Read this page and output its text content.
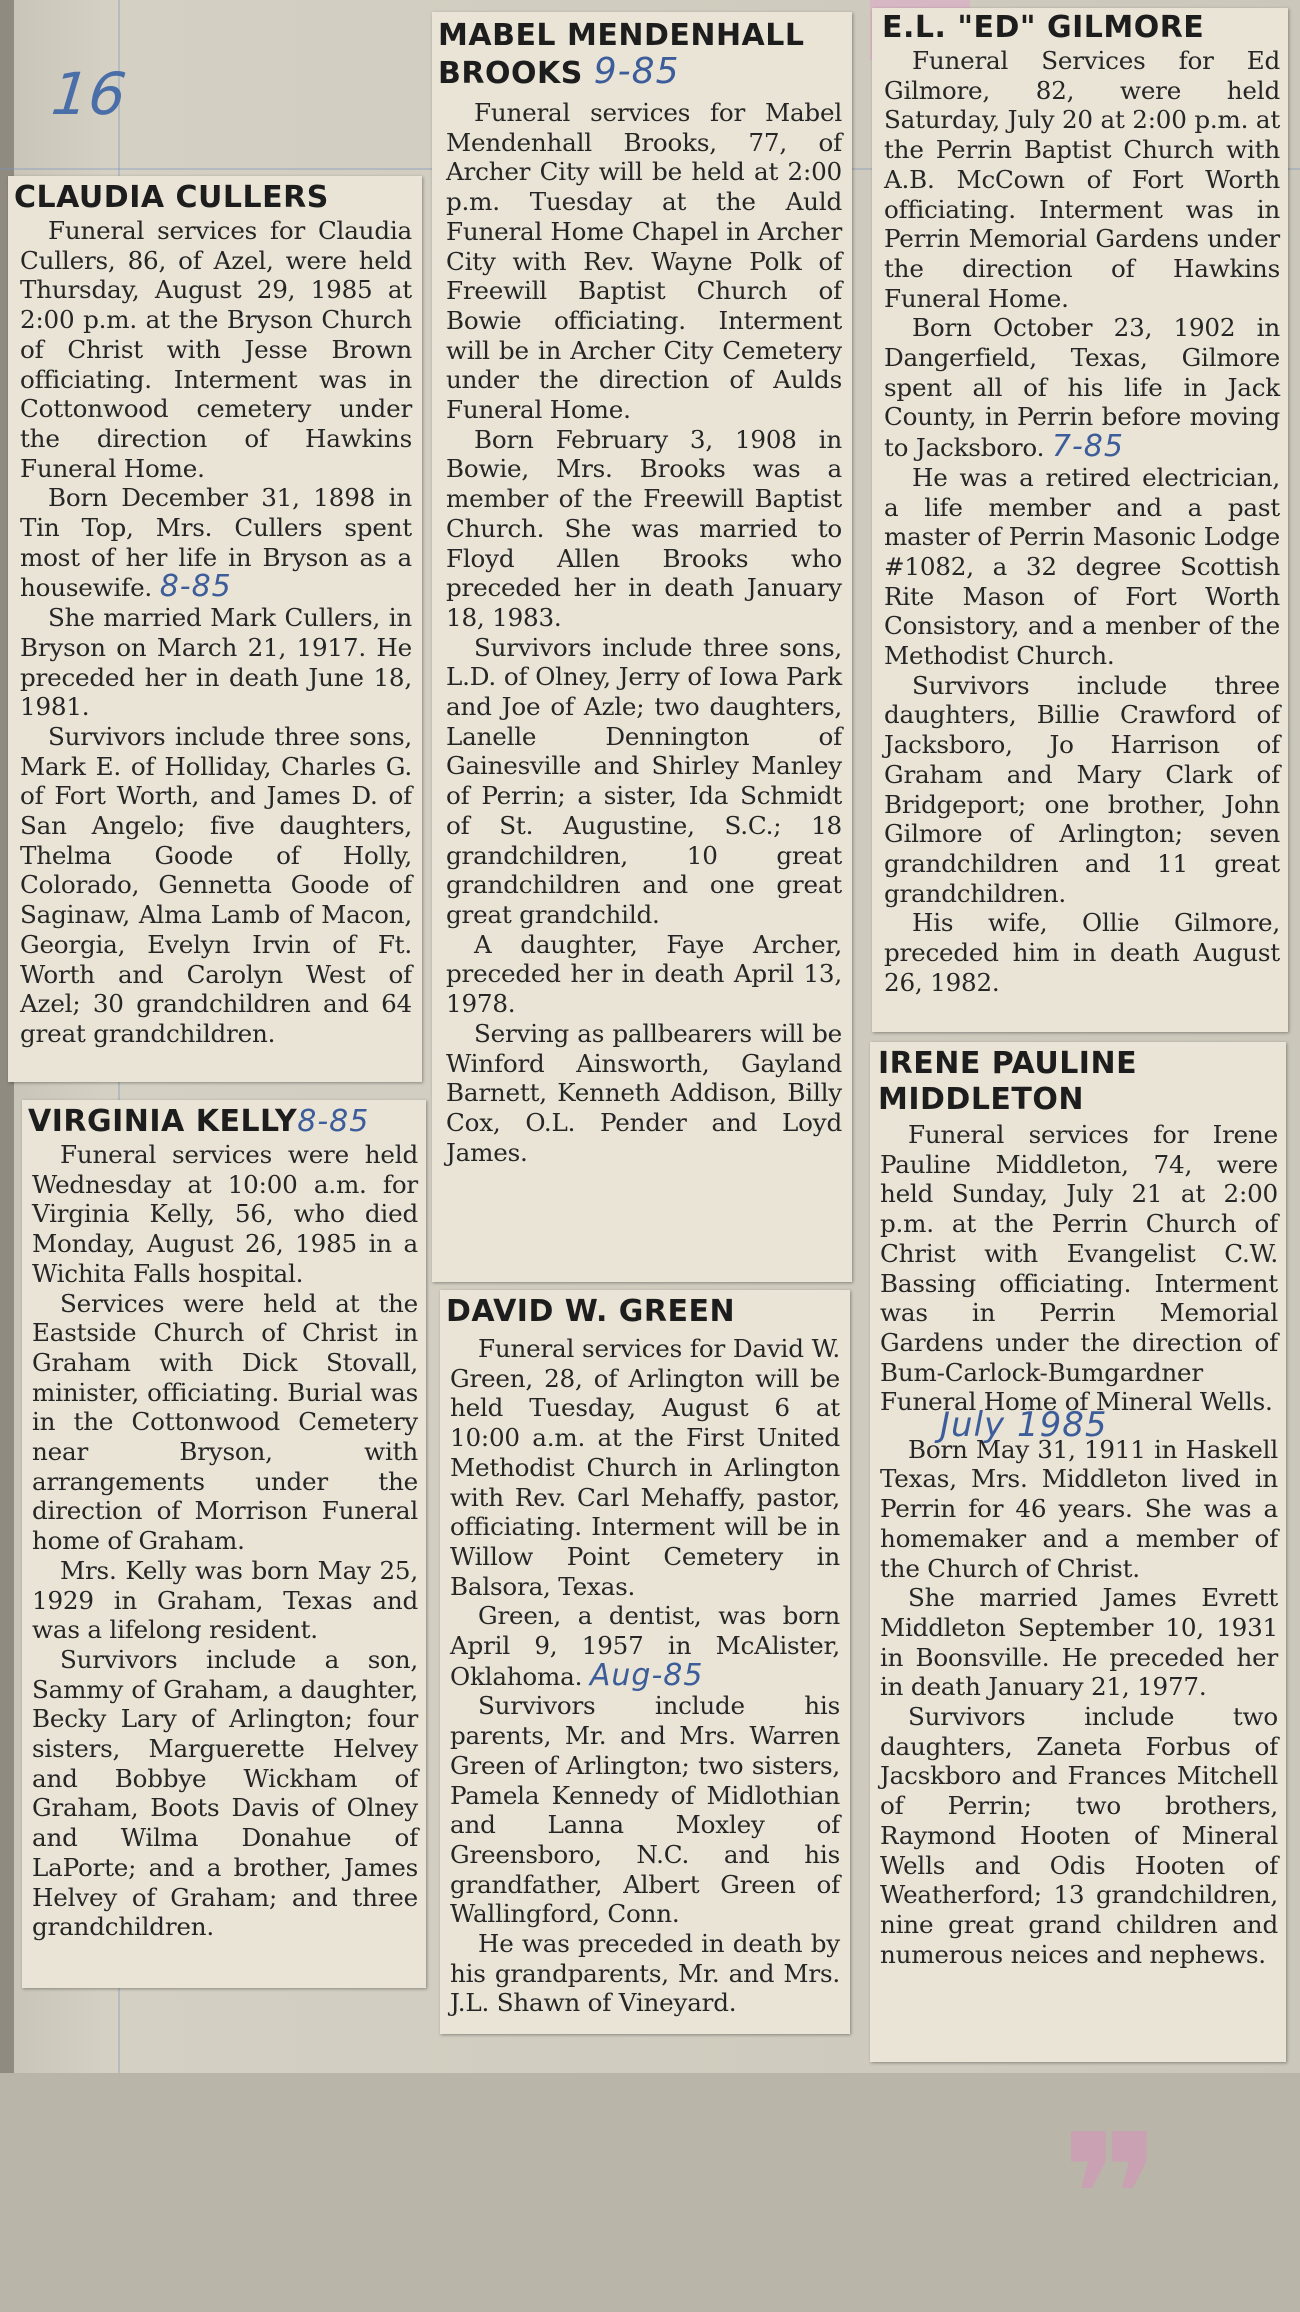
16
CLAUDIA CULLERS

Funeral services for Claudia Cullers, 86, of Azel, were held Thursday, August 29, 1985 at 2:00 p.m. at the Bryson Church of Christ with Jesse Brown officiating. Interment was in Cottonwood cemetery under the direction of Hawkins Funeral Home.

Born December 31, 1898 in Tin Top, Mrs. Cullers spent most of her life in Bryson as a housewife. 8-85

She married Mark Cullers, in Bryson on March 21, 1917. He preceded her in death June 18, 1981.

Survivors include three sons, Mark E. of Holliday, Charles G. of Fort Worth, and James D. of San Angelo; five daughters, Thelma Goode of Holly, Colorado, Gennetta Goode of Saginaw, Alma Lamb of Macon, Georgia, Evelyn Irvin of Ft. Worth and Carolyn West of Azel; 30 grandchildren and 64 great grandchildren.

VIRGINIA KELLY8-85

Funeral services were held Wednesday at 10:00 a.m. for Virginia Kelly, 56, who died Monday, August 26, 1985 in a Wichita Falls hospital.

Services were held at the Eastside Church of Christ in Graham with Dick Stovall, minister, officiating. Burial was in the Cottonwood Cemetery near Bryson, with arrangements under the direction of Morrison Funeral home of Graham.

Mrs. Kelly was born May 25, 1929 in Graham, Texas and was a lifelong resident.

Survivors include a son, Sammy of Graham, a daughter, Becky Lary of Arlington; four sisters, Marguerette Helvey and Bobbye Wickham of Graham, Boots Davis of Olney and Wilma Donahue of LaPorte; and a brother, James Helvey of Graham; and three grandchildren.

MABEL MENDENHALL
BROOKS 9-85

Funeral services for Mabel Mendenhall Brooks, 77, of Archer City will be held at 2:00 p.m. Tuesday at the Auld Funeral Home Chapel in Archer City with Rev. Wayne Polk of Freewill Baptist Church of Bowie officiating. Interment will be in Archer City Cemetery under the direction of Aulds Funeral Home.

Born February 3, 1908 in Bowie, Mrs. Brooks was a member of the Freewill Baptist Church. She was married to Floyd Allen Brooks who preceded her in death January 18, 1983.

Survivors include three sons, L.D. of Olney, Jerry of Iowa Park and Joe of Azle; two daughters, Lanelle Dennington of Gainesville and Shirley Manley of Perrin; a sister, Ida Schmidt of St. Augustine, S.C.; 18 grandchildren, 10 great grandchildren and one great great grandchild.

A daughter, Faye Archer, preceded her in death April 13, 1978.

Serving as pallbearers will be Winford Ainsworth, Gayland Barnett, Kenneth Addison, Billy Cox, O.L. Pender and Loyd James.

DAVID W. GREEN

Funeral services for David W. Green, 28, of Arlington will be held Tuesday, August 6 at 10:00 a.m. at the First United Methodist Church in Arlington with Rev. Carl Mehaffy, pastor, officiating. Interment will be in Willow Point Cemetery in Balsora, Texas.

Green, a dentist, was born April 9, 1957 in McAlister, Oklahoma. Aug-85

Survivors include his parents, Mr. and Mrs. Warren Green of Arlington; two sisters, Pamela Kennedy of Midlothian and Lanna Moxley of Greensboro, N.C. and his grandfather, Albert Green of Wallingford, Conn.

He was preceded in death by his grandparents, Mr. and Mrs. J.L. Shawn of Vineyard.

E.L. "ED" GILMORE

Funeral Services for Ed Gilmore, 82, were held Saturday, July 20 at 2:00 p.m. at the Perrin Baptist Church with A.B. McCown of Fort Worth officiating. Interment was in Perrin Memorial Gardens under the direction of Hawkins Funeral Home.

Born October 23, 1902 in Dangerfield, Texas, Gilmore spent all of his life in Jack County, in Perrin before moving to Jacksboro. 7-85

He was a retired electrician, a life member and a past master of Perrin Masonic Lodge #1082, a 32 degree Scottish Rite Mason of Fort Worth Consistory, and a menber of the Methodist Church.

Survivors include three daughters, Billie Crawford of Jacksboro, Jo Harrison of Graham and Mary Clark of Bridgeport; one brother, John Gilmore of Arlington; seven grandchildren and 11 great grandchildren.

His wife, Ollie Gilmore, preceded him in death August 26, 1982.

❞
IRENE PAULINE
MIDDLETON

Funeral services for Irene Pauline Middleton, 74, were held Sunday, July 21 at 2:00 p.m. at the Perrin Church of Christ with Evangelist C.W. Bassing officiating. Interment was in Perrin Memorial Gardens under the direction of Bum-Carlock-Bumgardner Funeral Home of Mineral Wells.

July 1985

Born May 31, 1911 in Haskell Texas, Mrs. Middleton lived in Perrin for 46 years. She was a homemaker and a member of the Church of Christ.

She married James Evrett Middleton September 10, 1931 in Boonsville. He preceded her in death January 21, 1977.

Survivors include two daughters, Zaneta Forbus of Jacskboro and Frances Mitchell of Perrin; two brothers, Raymond Hooten of Mineral Wells and Odis Hooten of Weatherford; 13 grandchildren, nine great grand children and numerous neices and nephews.
